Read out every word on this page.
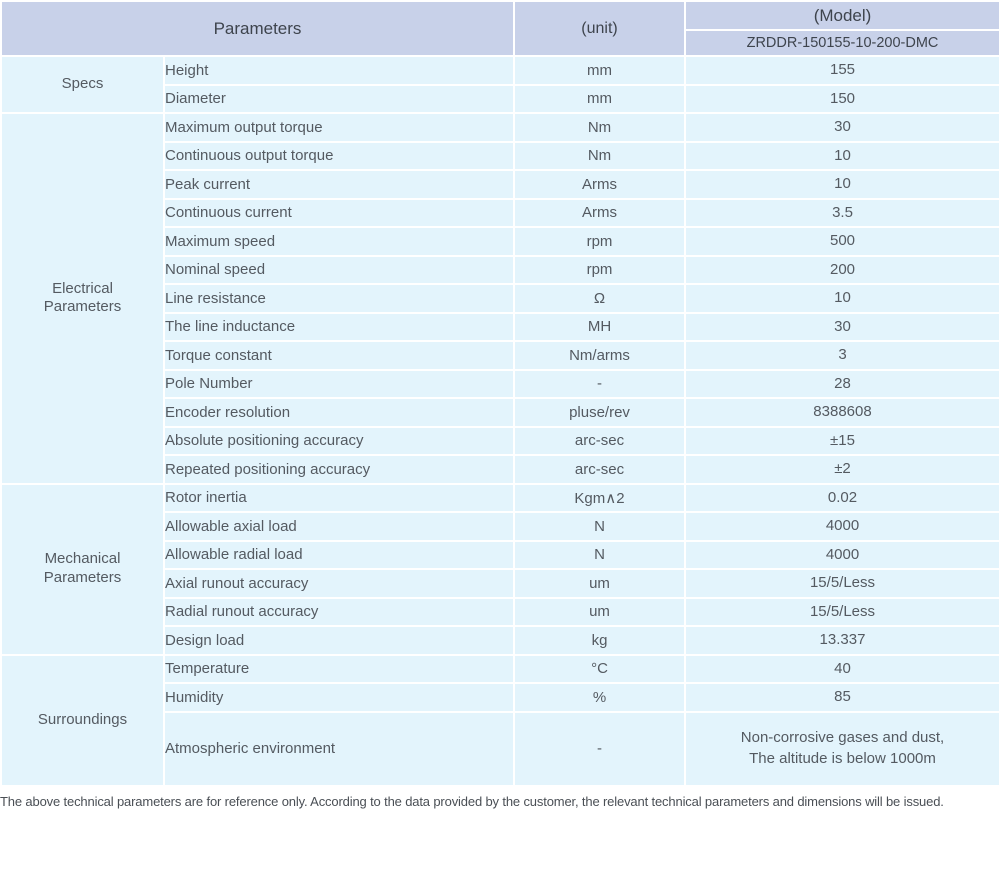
Parameters		(unit)	(Model)
			ZRDDR-150155-10-200-DMC
Specs	Height	mm	155
	Diameter	mm	150
Electrical
Parameters	Maximum output torque	Nm	30
	Continuous output torque	Nm	10
	Peak current	Arms	10
	Continuous current	Arms	3.5
	Maximum speed	rpm	500
	Nominal speed	rpm	200
	Line resistance	Ω	10
	The line inductance	MH	30
	Torque constant	Nm/arms	3
	Pole Number	-	28
	Encoder resolution	pluse/rev	8388608
	Absolute positioning accuracy	arc-sec	±15
	Repeated positioning accuracy	arc-sec	±2
Mechanical
Parameters	Rotor inertia	Kgm∧2	0.02
	Allowable axial load	N	4000
	Allowable radial load	N	4000
	Axial runout accuracy	um	15/5/Less
	Radial runout accuracy	um	15/5/Less
	Design load	kg	13.337
Surroundings	Temperature	°C	40
	Humidity	%	85
	Atmospheric environment	-	Non-corrosive gases and dust,
The altitude is below 1000m
The above technical parameters are for reference only. According to the data provided by the customer, the relevant technical parameters and dimensions will be issued.
